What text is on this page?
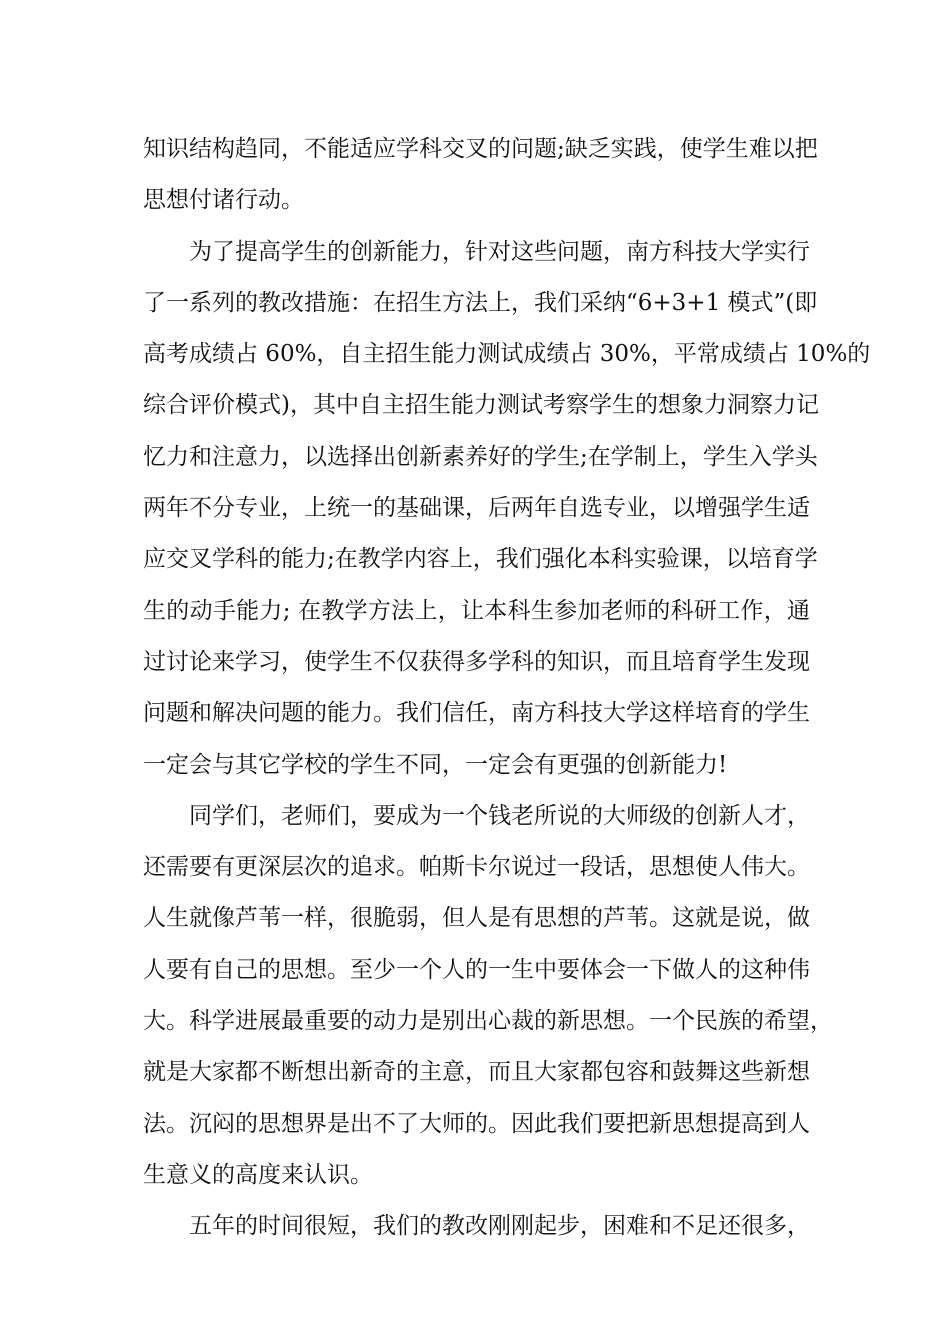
知识结构趋同，不能适应学科交叉的问题;缺乏实践，使学生难以把
思想付诸行动。
为了提高学生的创新能力，针对这些问题，南方科技大学实行
了一系列的教改措施：在招生方法上，我们采纳“6+3+1 模式”(即
高考成绩占 60%，自主招生能力测试成绩占 30%，平常成绩占 10%的
综合评价模式)，其中自主招生能力测试考察学生的想象力洞察力记
忆力和注意力，以选择出创新素养好的学生;在学制上，学生入学头
两年不分专业，上统一的基础课，后两年自选专业，以增强学生适
应交叉学科的能力;在教学内容上，我们强化本科实验课，以培育学
生的动手能力; 在教学方法上，让本科生参加老师的科研工作，通
过讨论来学习，使学生不仅获得多学科的知识，而且培育学生发现
问题和解决问题的能力。我们信任，南方科技大学这样培育的学生
一定会与其它学校的学生不同，一定会有更强的创新能力!
同学们，老师们，要成为一个钱老所说的大师级的创新人才，
还需要有更深层次的追求。帕斯卡尔说过一段话，思想使人伟大。
人生就像芦苇一样，很脆弱，但人是有思想的芦苇。这就是说，做
人要有自己的思想。至少一个人的一生中要体会一下做人的这种伟
大。科学进展最重要的动力是别出心裁的新思想。一个民族的希望，
就是大家都不断想出新奇的主意，而且大家都包容和鼓舞这些新想
法。沉闷的思想界是出不了大师的。因此我们要把新思想提高到人
生意义的高度来认识。
五年的时间很短，我们的教改刚刚起步，困难和不足还很多，
